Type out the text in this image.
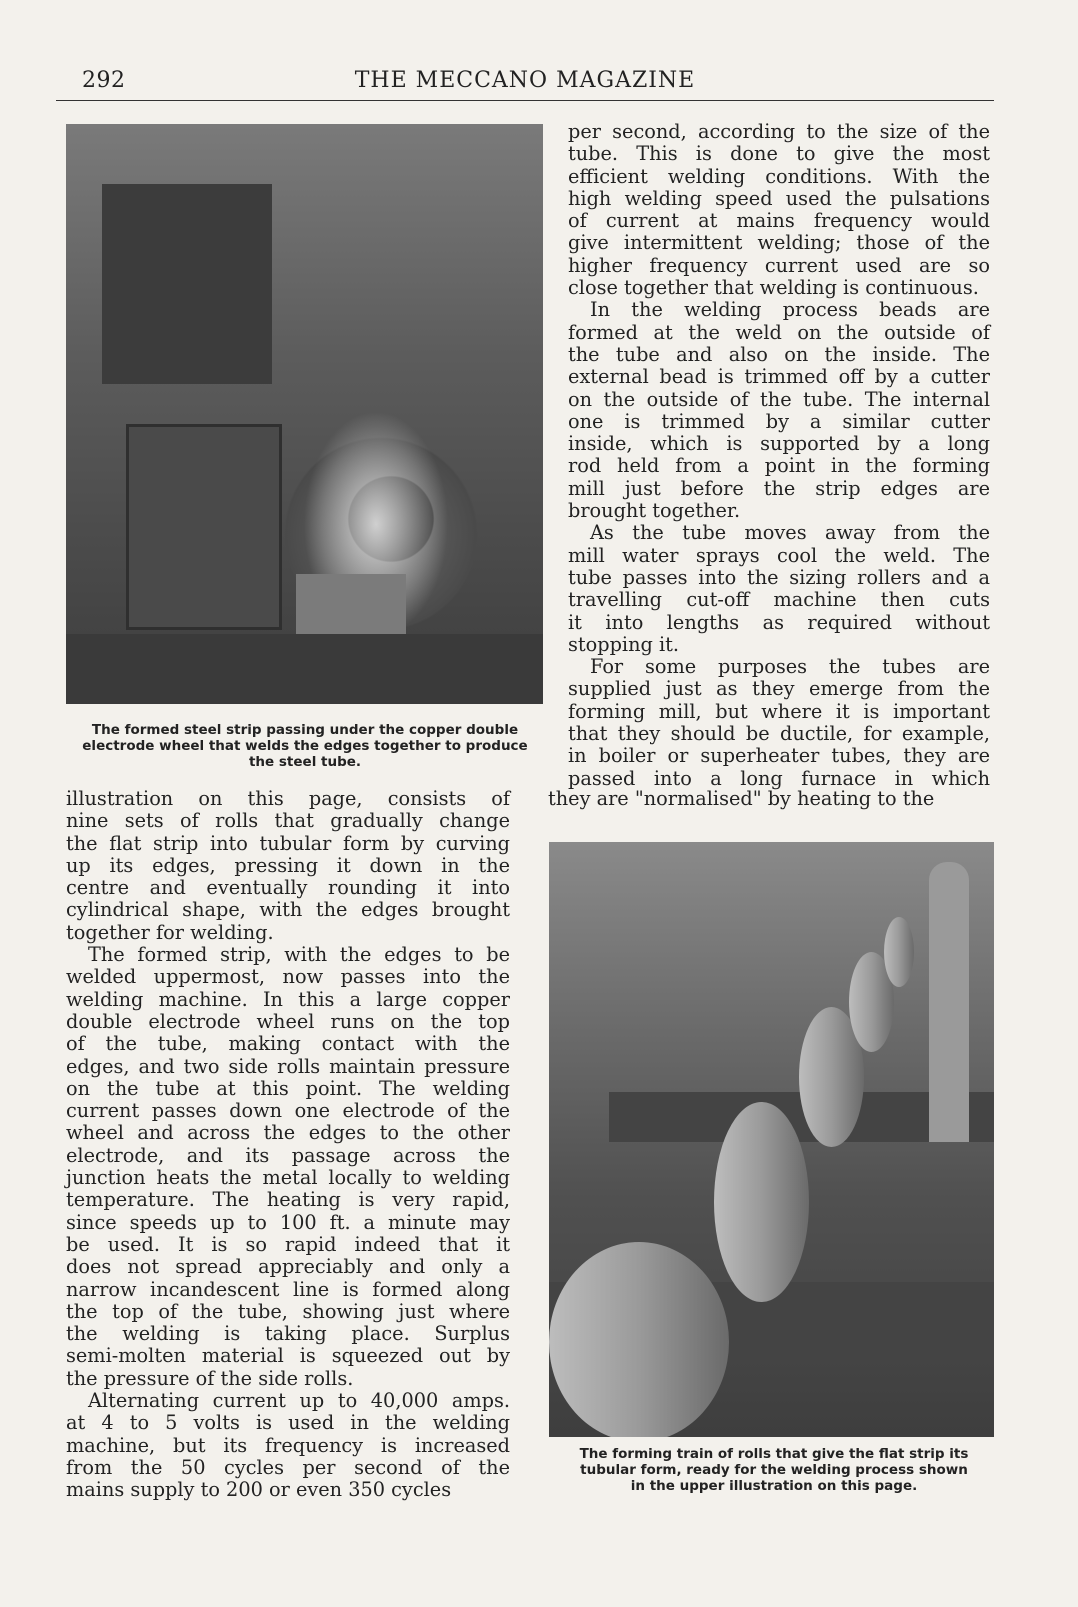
292	THE MECCANO MAGAZINE
The formed steel strip passing under the copper double
electrode wheel that welds the edges together to produce
the steel tube.
The forming train of rolls that give the flat strip its
tubular form, ready for the welding process shown
in the upper illustration on this page.
per second, according to the size of the
tube. This is done to give the most
efficient welding conditions. With the
high welding speed used the pulsations
of current at mains frequency would
give intermittent welding; those of the
higher frequency current used are so
close together that welding is continuous.
In the welding process beads are
formed at the weld on the outside of
the tube and also on the inside. The
external bead is trimmed off by a cutter
on the outside of the tube. The internal
one is trimmed by a similar cutter
inside, which is supported by a long
rod held from a point in the forming
mill just before the strip edges are
brought together.
As the tube moves away from the
mill water sprays cool the weld. The
tube passes into the sizing rollers and a
travelling cut-off machine then cuts
it into lengths as required without
stopping it.
For some purposes the tubes are
supplied just as they emerge from the
forming mill, but where it is important
that they should be ductile, for example,
in boiler or superheater tubes, they are
passed into a long furnace in which
they are "normalised" by heating to the
illustration on this page, consists of
nine sets of rolls that gradually change
the flat strip into tubular form by curving
up its edges, pressing it down in the
centre and eventually rounding it into
cylindrical shape, with the edges brought
together for welding.
The formed strip, with the edges to be
welded uppermost, now passes into the
welding machine. In this a large copper
double electrode wheel runs on the top
of the tube, making contact with the
edges, and two side rolls maintain pressure
on the tube at this point. The welding
current passes down one electrode of the
wheel and across the edges to the other
electrode, and its passage across the
junction heats the metal locally to welding
temperature. The heating is very rapid,
since speeds up to 100 ft. a minute may
be used. It is so rapid indeed that it
does not spread appreciably and only a
narrow incandescent line is formed along
the top of the tube, showing just where
the welding is taking place. Surplus
semi-molten material is squeezed out by
the pressure of the side rolls.
Alternating current up to 40,000 amps.
at 4 to 5 volts is used in the welding
machine, but its frequency is increased
from the 50 cycles per second of the
mains supply to 200 or even 350 cycles
